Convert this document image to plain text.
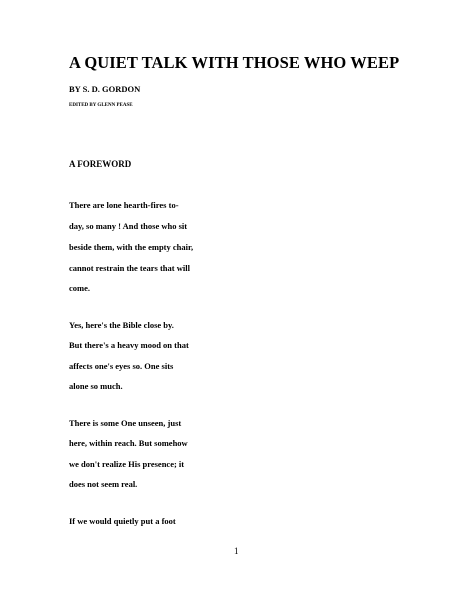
A QUIET TALK WITH THOSE WHO WEEP
BY S. D. GORDON
EDITED BY GLENN PEASE
A FOREWORD
There are lone hearth-fires to-
day, so many ! And those who sit
beside them, with the empty chair,
cannot restrain the tears that will
come.
Yes, here's the Bible close by.
But there's a heavy mood on that
affects one's eyes so. One sits
alone so much.
There is some One unseen, just
here, within reach. But somehow
we don't realize His presence; it
does not seem real.
If we would quietly put a foot
1
